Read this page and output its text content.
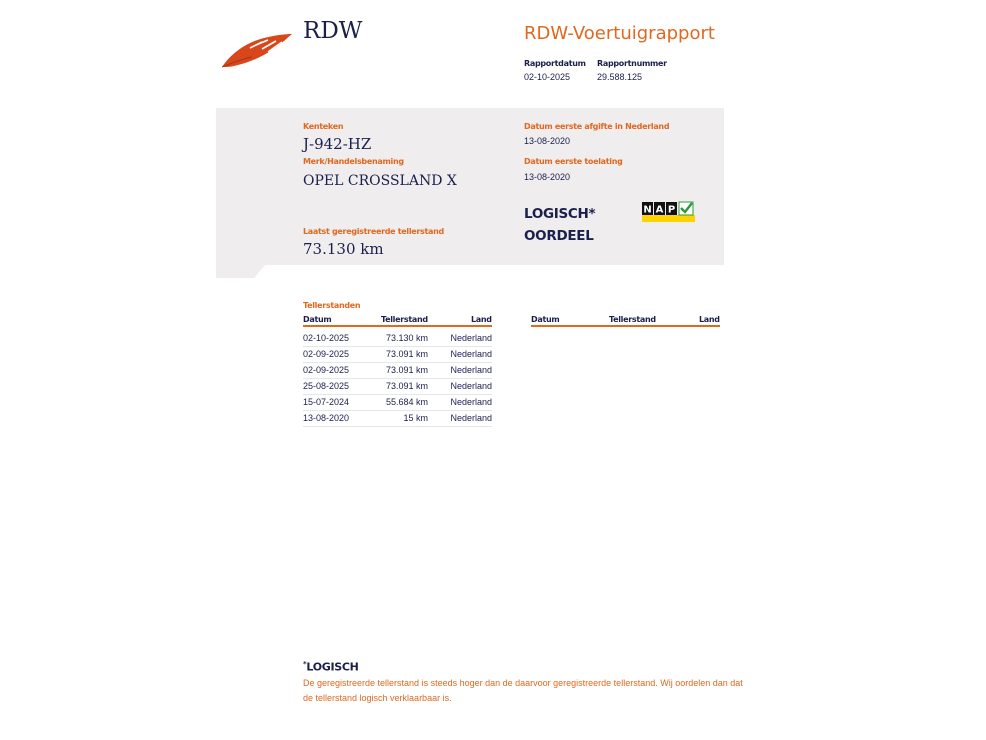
RDW	RDW-Voertuigrapport
Rapportdatum Rapportnummer
02-10-2025	29.588.125
Kenteken
J-942-HZ
Merk/Handelsbenaming
OPEL CROSSLAND X
Laatst geregistreerde tellerstand
73.130 km
Datum eerste afgifte in Nederland
13-08-2020
Datum eerste toelating
13-08-2020
LOGISCH*
OORDEEL
N A P
Tellerstanden
Datum	Tellerstand	Land	Datum	Tellerstand	Land
02-10-2025	73.130 km Nederland
02-09-2025	73.091 km Nederland
02-09-2025	73.091 km Nederland
25-08-2025	73.091 km Nederland
15-07-2024	55.684 km Nederland
13-08-2020	15 km Nederland
*LOGISCH
De geregistreerde tellerstand is steeds hoger dan de daarvoor geregistreerde tellerstand. Wij oordelen dan dat de tellerstand logisch verklaarbaar is.
